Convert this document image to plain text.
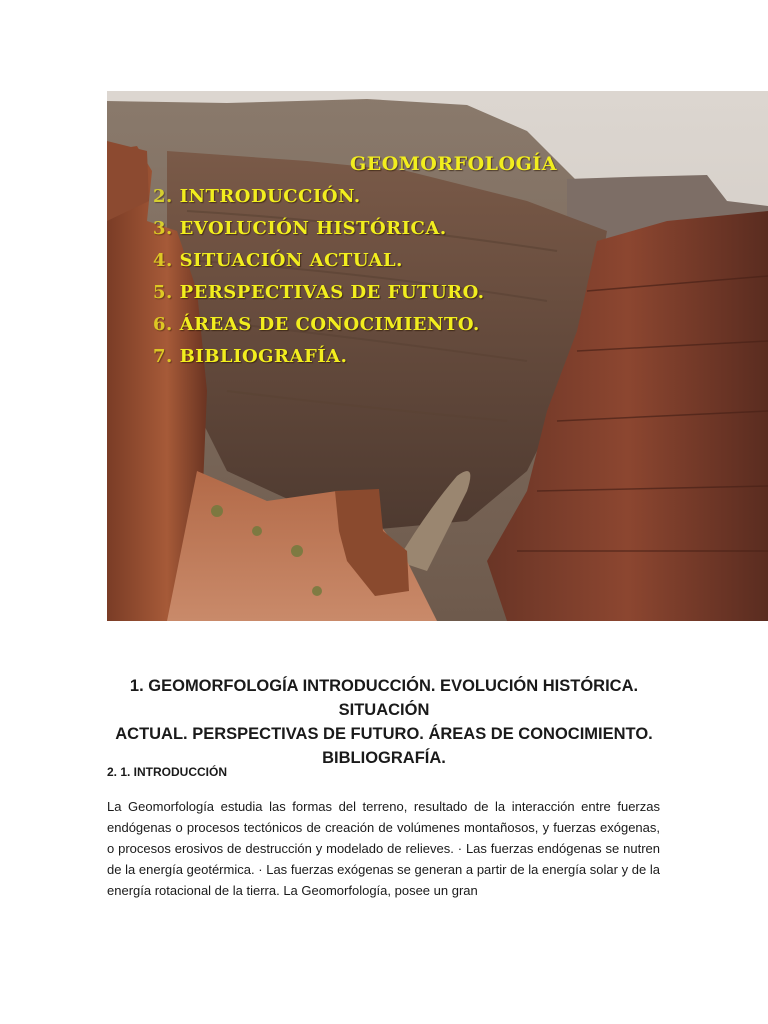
GEOMORFOLOGÍA
2. INTRODUCCIÓN.
3. EVOLUCIÓN HISTÓRICA.
4. SITUACIÓN ACTUAL.
5. PERSPECTIVAS DE FUTURO.
6. ÁREAS DE CONOCIMIENTO.
7. BIBLIOGRAFÍA.
1. GEOMORFOLOGÍA INTRODUCCIÓN. EVOLUCIÓN HISTÓRICA. SITUACIÓN
ACTUAL. PERSPECTIVAS DE FUTURO. ÁREAS DE CONOCIMIENTO.
BIBLIOGRAFÍA.
2. 1. INTRODUCCIÓN
La Geomorfología estudia las formas del terreno, resultado de la interacción entre fuerzas endógenas o procesos tectónicos de creación de volúmenes montañosos, y fuerzas exógenas, o procesos erosivos de destrucción y modelado de relieves. · Las fuerzas endógenas se nutren de la energía geotérmica. · Las fuerzas exógenas se generan a partir de la energía solar y de la energía rotacional de la tierra. La Geomorfología, posee un gran
